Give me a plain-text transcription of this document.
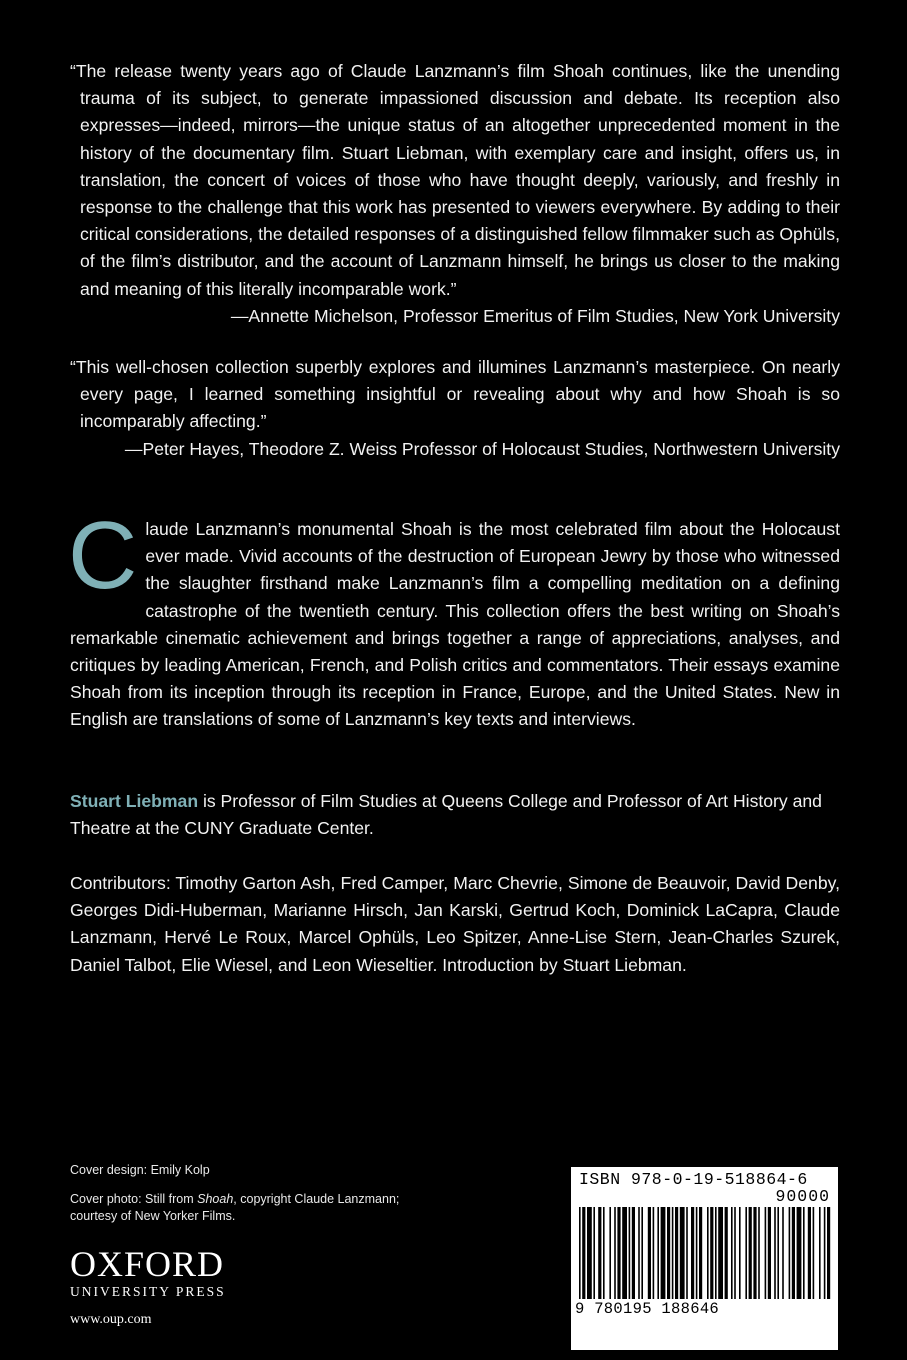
“The release twenty years ago of Claude Lanzmann’s film Shoah continues, like the unending trauma of its subject, to generate impassioned discussion and debate. Its reception also expresses—indeed, mirrors—the unique status of an altogether unprecedented moment in the history of the documentary film. Stuart Liebman, with exemplary care and insight, offers us, in translation, the concert of voices of those who have thought deeply, variously, and freshly in response to the challenge that this work has presented to viewers everywhere. By adding to their critical considerations, the detailed responses of a distinguished fellow filmmaker such as Ophüls, of the film’s distributor, and the account of Lanzmann himself, he brings us closer to the making and meaning of this literally incomparable work.”

—Annette Michelson, Professor Emeritus of Film Studies, New York University

“This well-chosen collection superbly explores and illumines Lanzmann’s masterpiece. On nearly every page, I learned something insightful or revealing about why and how Shoah is so incomparably affecting.”

—Peter Hayes, Theodore Z. Weiss Professor of Holocaust Studies, Northwestern University

C laude Lanzmann’s monumental Shoah is the most celebrated film about the Holocaust ever made. Vivid accounts of the destruction of European Jewry by those who witnessed the slaughter firsthand make Lanzmann’s film a compelling meditation on a defining catastrophe of the twentieth century. This collection offers the best writing on Shoah’s remarkable cinematic achievement and brings together a range of appreciations, analyses, and critiques by leading American, French, and Polish critics and commentators. Their essays examine Shoah from its inception through its reception in France, Europe, and the United States. New in English are translations of some of Lanzmann’s key texts and interviews.

Stuart Liebman is Professor of Film Studies at Queens College and Professor of Art History and Theatre at the CUNY Graduate Center.

Contributors: Timothy Garton Ash, Fred Camper, Marc Chevrie, Simone de Beauvoir, David Denby, Georges Didi-Huberman, Marianne Hirsch, Jan Karski, Gertrud Koch, Dominick LaCapra, Claude Lanzmann, Hervé Le Roux, Marcel Ophüls, Leo Spitzer, Anne-Lise Stern, Jean-Charles Szurek, Daniel Talbot, Elie Wiesel, and Leon Wieseltier. Introduction by Stuart Liebman.

Cover design: Emily Kolp

Cover photo: Still from Shoah, copyright Claude Lanzmann; courtesy of New Yorker Films.

OXFORD
UNIVERSITY PRESS
www.oup.com
ISBN 978-0-19-518864-6
90000
9 780195 188646
